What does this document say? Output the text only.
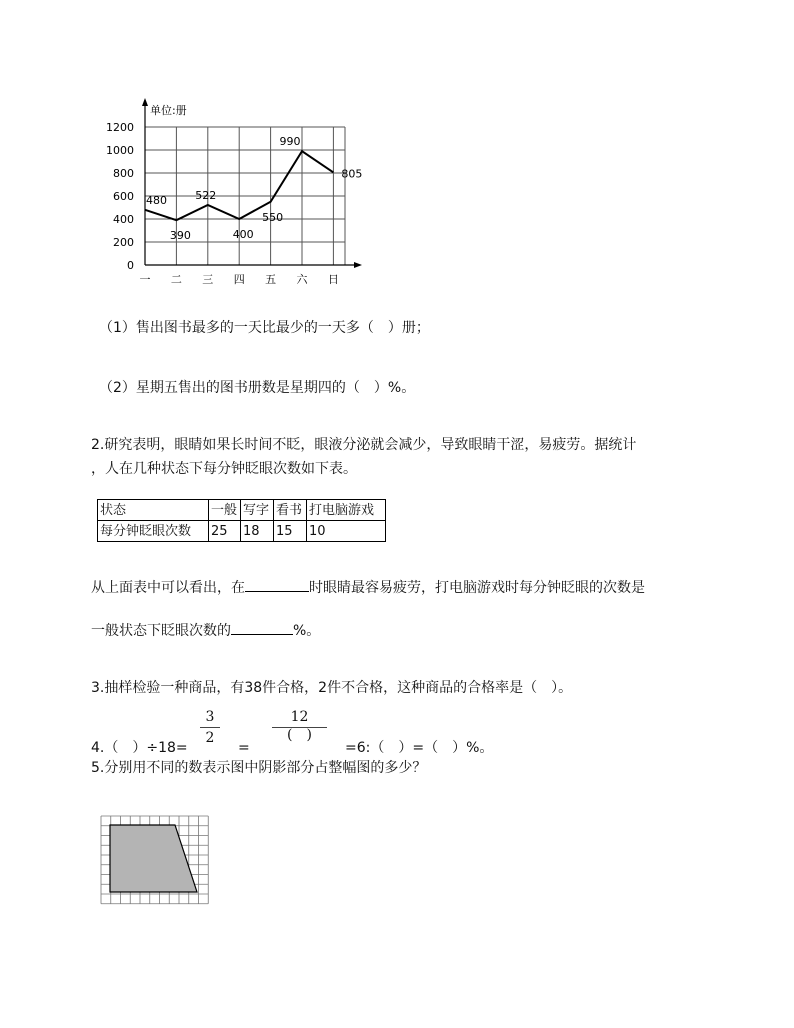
单位:册
0
200
400
600
800
1000
1200
一 二 三 四 五 六 日
480
390
522
400
550
990
805
（1）售出图书最多的一天比最少的一天多（　）册；
（2）星期五售出的图书册数是星期四的（　）%。
2.研究表明，眼睛如果长时间不眨，眼液分泌就会减少，导致眼睛干涩，易疲劳。据统计
，人在几种状态下每分钟眨眼次数如下表。
状态	一般	写字	看书	打电脑游戏
每分钟眨眼次数	25	18	15	10
从上面表中可以看出，在	时眼睛最容易疲劳，打电脑游戏时每分钟眨眼的次数是
一般状态下眨眼次数的	%。
3.抽样检验一种商品，有38件合格，2件不合格，这种商品的合格率是（　）。
3
2
12
(　)
4.（　）÷18=	=	=6:（　）=（　）%。
5.分别用不同的数表示图中阴影部分占整幅图的多少？
